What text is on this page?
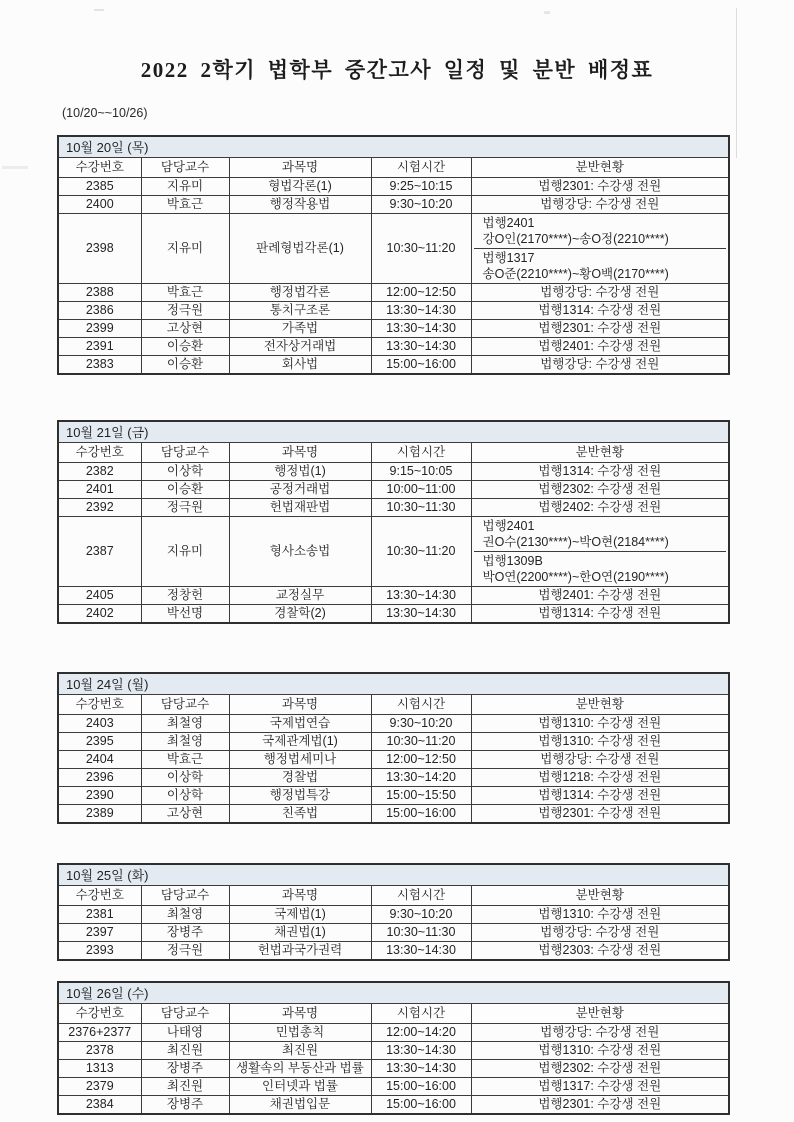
2022 2학기 법학부 중간고사 일정 및 분반 배정표
(10/20~~10/26)
10월 20일 (목)				
수강번호	담당교수	과목명	시험시간	분반현황
2385	지유미	형법각론(1)	9:25~10:15	법행2301: 수강생 전원
2400	박효근	행정작용법	9:30~10:20	법행강당: 수강생 전원
2398	지유미	판례형법각론(1)	10:30~11:20	법행2401
강O인(2170****)~송O정(2210****)
법행1317
송O준(2210****)~황O백(2170****)

2388	박효근	행정법각론	12:00~12:50	법행강당: 수강생 전원
2386	정극원	통치구조론	13:30~14:30	법행1314: 수강생 전원
2399	고상현	가족법	13:30~14:30	법행2301: 수강생 전원
2391	이승환	전자상거래법	13:30~14:30	법행2401: 수강생 전원
2383	이승환	회사법	15:00~16:00	법행강당: 수강생 전원
10월 21일 (금)				
수강번호	담당교수	과목명	시험시간	분반현황
2382	이상학	행정법(1)	9:15~10:05	법행1314: 수강생 전원
2401	이승환	공정거래법	10:00~11:00	법행2302: 수강생 전원
2392	정극원	헌법재판법	10:30~11:30	법행2402: 수강생 전원
2387	지유미	형사소송법	10:30~11:20	법행2401
권O수(2130****)~박O현(2184****)
법행1309B
박O연(2200****)~한O연(2190****)

2405	정창헌	교정실무	13:30~14:30	법행2401: 수강생 전원
2402	박선명	경찰학(2)	13:30~14:30	법행1314: 수강생 전원
10월 24일 (월)				
수강번호	담당교수	과목명	시험시간	분반현황
2403	최철영	국제법연습	9:30~10:20	법행1310: 수강생 전원
2395	최철영	국제관계법(1)	10:30~11:20	법행1310: 수강생 전원
2404	박효근	행정법세미나	12:00~12:50	법행강당: 수강생 전원
2396	이상학	경찰법	13:30~14:20	법행1218: 수강생 전원
2390	이상학	행정법특강	15:00~15:50	법행1314: 수강생 전원
2389	고상현	친족법	15:00~16:00	법행2301: 수강생 전원
10월 25일 (화)				
수강번호	담당교수	과목명	시험시간	분반현황
2381	최철영	국제법(1)	9:30~10:20	법행1310: 수강생 전원
2397	장병주	채권법(1)	10:30~11:30	법행강당: 수강생 전원
2393	정극원	헌법과국가권력	13:30~14:30	법행2303: 수강생 전원
10월 26일 (수)				
수강번호	담당교수	과목명	시험시간	분반현황
2376+2377	나태영	민법총칙	12:00~14:20	법행강당: 수강생 전원
2378	최진원	최진원	13:30~14:30	법행1310: 수강생 전원
1313	장병주	생활속의 부동산과 법률	13:30~14:30	법행2302: 수강생 전원
2379	최진원	인터넷과 법률	15:00~16:00	법행1317: 수강생 전원
2384	장병주	채권법입문	15:00~16:00	법행2301: 수강생 전원
